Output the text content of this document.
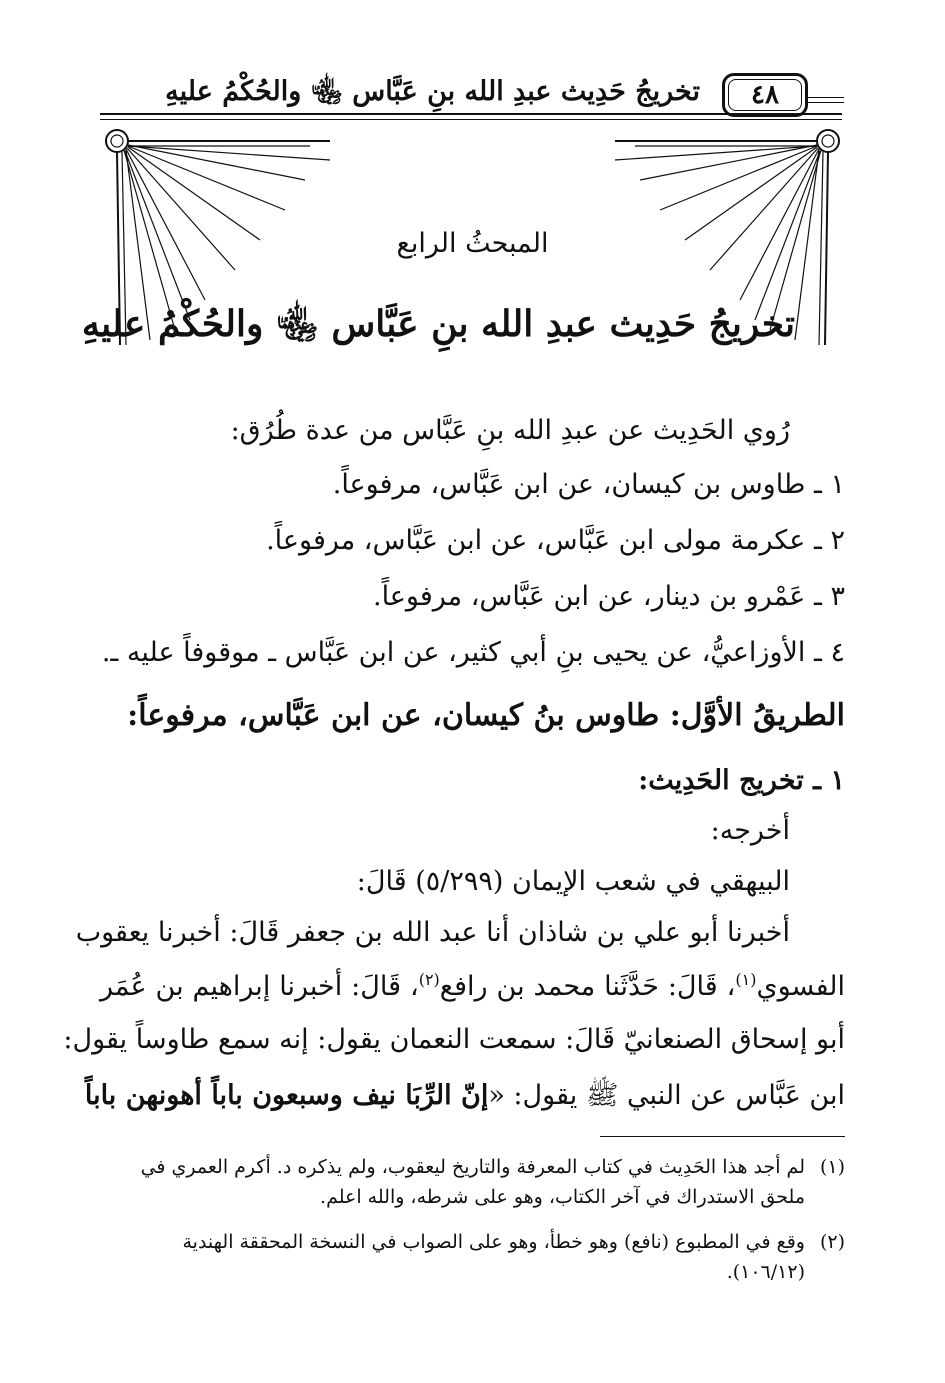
تخريجُ حَدِيث عبدِ الله بنِ عَبَّاس ﵄ والحُكْمُ عليهِ	٤٨
المبحثُ الرابع
تخريجُ حَدِيث عبدِ الله بنِ عَبَّاس ﵄ والحُكْمُ عليهِ
رُوي الحَدِيث عن عبدِ الله بنِ عَبَّاس من عدة طُرُق:
١ ـ طاوس بن كيسان، عن ابن عَبَّاس، مرفوعاً.
٢ ـ عكرمة مولى ابن عَبَّاس، عن ابن عَبَّاس، مرفوعاً.
٣ ـ عَمْرو بن دينار، عن ابن عَبَّاس، مرفوعاً.
٤ ـ الأوزاعيُّ، عن يحيى بنِ أبي كثير، عن ابن عَبَّاس ـ موقوفاً عليه ـ.
الطريقُ الأوَّل: طاوس بنُ كيسان، عن ابن عَبَّاس، مرفوعاً:
١ ـ تخريج الحَدِيث:
أخرجه:
البيهقي في شعب الإيمان (٥/٢٩٩) قَالَ:
أخبرنا أبو علي بن شاذان أنا عبد الله بن جعفر قَالَ: أخبرنا يعقوب
الفسوي$^{(١)}$، قَالَ: حَدَّثَنا محمد بن رافع$^{(٢)}$، قَالَ: أخبرنا إبراهيم بن عُمَر
أبو إسحاق الصنعانيّ قَالَ: سمعت النعمان يقول: إنه سمع طاوساً يقول:
ابن عَبَّاس عن النبي ﷺ يقول: «إنّ الرِّبَا نيف وسبعون باباً أهونهن باباً
(١)
لم أجد هذا الحَدِيث في كتاب المعرفة والتاريخ ليعقوب، ولم يذكره د. أكرم العمري في ملحق الاستدراك في آخر الكتاب، وهو على شرطه، والله اعلم.
(٢)
وقع في المطبوع (نافع) وهو خطأ، وهو على الصواب في النسخة المحققة الهندية (١٠٦/١٢).
